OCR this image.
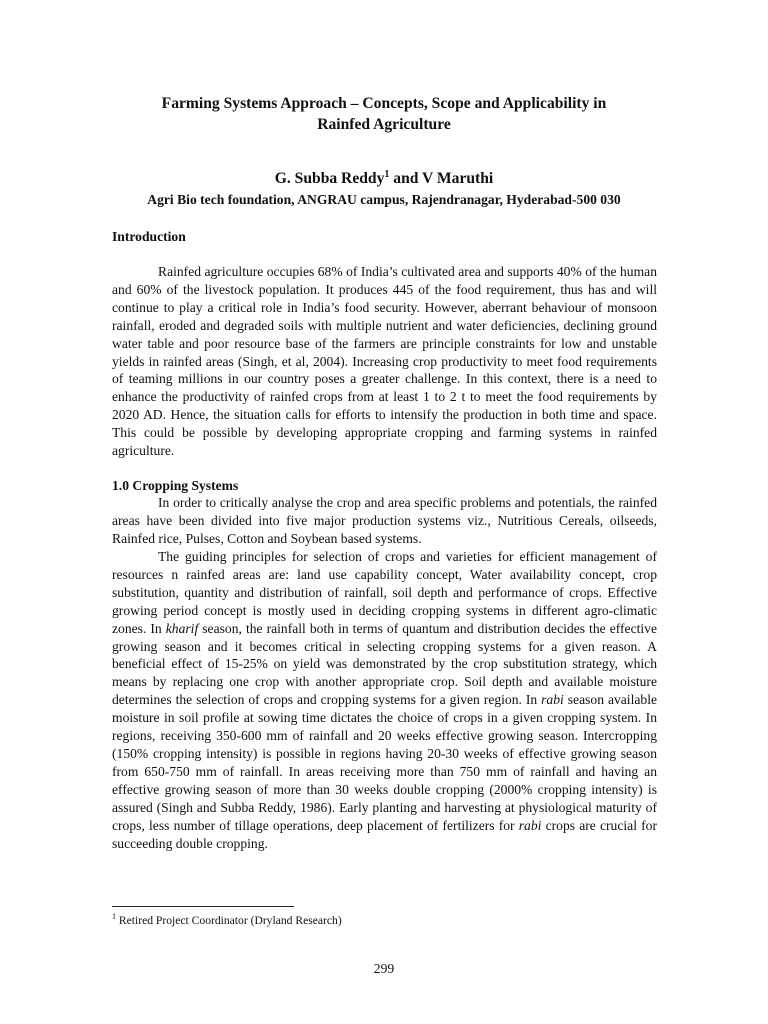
Farming Systems Approach – Concepts, Scope and Applicability in
Rainfed Agriculture
G. Subba Reddy$^1$ and V Maruthi
Agri Bio tech foundation, ANGRAU campus, Rajendranagar, Hyderabad-500 030
Introduction

Rainfed agriculture occupies 68% of India’s cultivated area and supports 40% of the human and 60% of the livestock population. It produces 445 of the food requirement, thus has and will continue to play a critical role in India’s food security. However, aberrant behaviour of monsoon rainfall, eroded and degraded soils with multiple nutrient and water deficiencies, declining ground water table and poor resource base of the farmers are principle constraints for low and unstable yields in rainfed areas (Singh, et al, 2004). Increasing crop productivity to meet food requirements of teaming millions in our country poses a greater challenge. In this context, there is a need to enhance the productivity of rainfed crops from at least 1 to 2 t to meet the food requirements by 2020 AD. Hence, the situation calls for efforts to intensify the production in both time and space. This could be possible by developing appropriate cropping and farming systems in rainfed agriculture.

1.0 Cropping Systems

In order to critically analyse the crop and area specific problems and potentials, the rainfed areas have been divided into five major production systems viz., Nutritious Cereals, oilseeds, Rainfed rice, Pulses, Cotton and Soybean based systems.

The guiding principles for selection of crops and varieties for efficient management of resources n rainfed areas are: land use capability concept, Water availability concept, crop substitution, quantity and distribution of rainfall, soil depth and performance of crops. Effective growing period concept is mostly used in deciding cropping systems in different agro-climatic zones. In kharif season, the rainfall both in terms of quantum and distribution decides the effective growing season and it becomes critical in selecting cropping systems for a given reason. A beneficial effect of 15-25% on yield was demonstrated by the crop substitution strategy, which means by replacing one crop with another appropriate crop. Soil depth and available moisture determines the selection of crops and cropping systems for a given region. In rabi season available moisture in soil profile at sowing time dictates the choice of crops in a given cropping system. In regions, receiving 350-600 mm of rainfall and 20 weeks effective growing season. Intercropping (150% cropping intensity) is possible in regions having 20-30 weeks of effective growing season from 650-750 mm of rainfall. In areas receiving more than 750 mm of rainfall and having an effective growing season of more than 30 weeks double cropping (2000% cropping intensity) is assured (Singh and Subba Reddy, 1986). Early planting and harvesting at physiological maturity of crops, less number of tillage operations, deep placement of fertilizers for rabi crops are crucial for succeeding double cropping.

$^1$ Retired Project Coordinator (Dryland Research)
299
